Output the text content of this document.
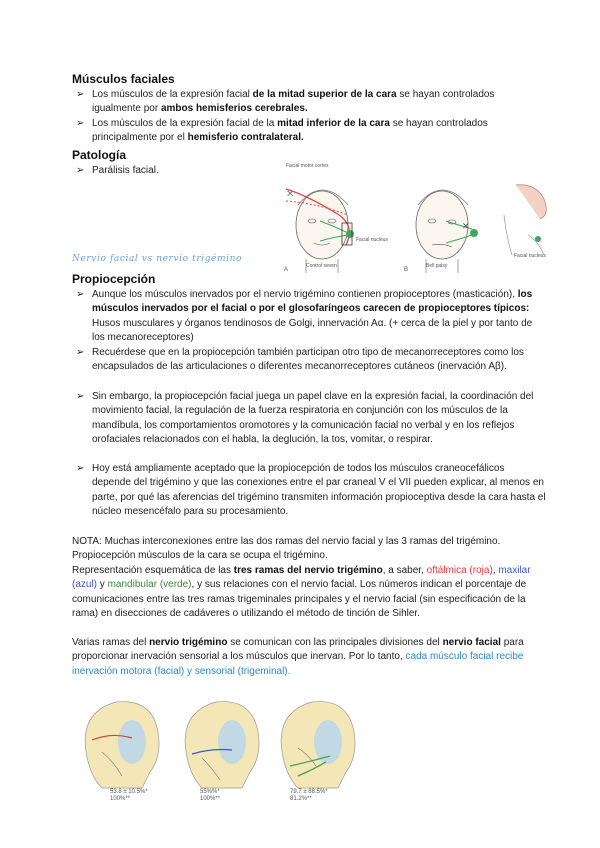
Músculos faciales
➢ Los músculos de la expresión facial de la mitad superior de la cara se hayan controlados igualmente por ambos hemisferios cerebrales.
➢ Los músculos de la expresión facial de la mitad inferior de la cara se hayan controlados principalmente por el hemisferio contralateral.
Patología
➢ Parálisis facial.
✕
Facial motor cortex
Facial nucleus
A
Control seven
✕
B
Bell palsy
Facial nucleus
Nervio facial vs nervio trigémino
Propiocepción
➢ Aunque los músculos inervados por el nervio trigémino contienen propioceptores (masticación), los músculos inervados por el facial o por el glosofaríngeos carecen de propioceptores típicos: Husos musculares y órganos tendinosos de Golgi, innervación Aα. (+ cerca de la piel y por tanto de los mecanoreceptores)
➢ Recuérdese que en la propiocepción también participan otro tipo de mecanorreceptores como los encapsulados de las articulaciones o diferentes mecanorreceptores cutáneos (inervación Aβ).
➢ Sin embargo, la propiocepción facial juega un papel clave en la expresión facial, la coordinación del movimiento facial, la regulación de la fuerza respiratoria en conjunción con los músculos de la mandíbula, los comportamientos oromotores y la comunicación facial no verbal y en los reflejos orofaciales relacionados con el habla, la deglución, la tos, vomitar, o respirar.
➢ Hoy está ampliamente aceptado que la propiocepción de todos los músculos craneocefálicos depende del trigémino y que las conexiones entre el par craneal V el VII pueden explicar, al menos en parte, por qué las aferencias del trigémino transmiten información propioceptiva desde la cara hasta el núcleo mesencéfalo para su procesamiento.
NOTA: Muchas interconexiones entre las dos ramas del nervio facial y las 3 ramas del trigémino. Propiocepción músculos de la cara se ocupa el trigémino.
Representación esquemática de las tres ramas del nervio trigémino, a saber, oftálmica (roja), maxilar (azul) y mandibular (verde), y sus relaciones con el nervio facial. Los números indican el porcentaje de comunicaciones entre las tres ramas trigeminales principales y el nervio facial (sin especificación de la rama) en disecciones de cadáveres o utilizando el método de tinción de Sihler.
Varias ramas del nervio trigémino se comunican con las principales divisiones del nervio facial para proporcionar inervación sensorial a los músculos que inervan. Por lo tanto, cada músculo facial recibe inervación motora (facial) y sensorial (trigeminal).
53.8 ± 10.5%*
100%**
55%%*
100%**
79.7 ± 88.5%*
81.2%**
